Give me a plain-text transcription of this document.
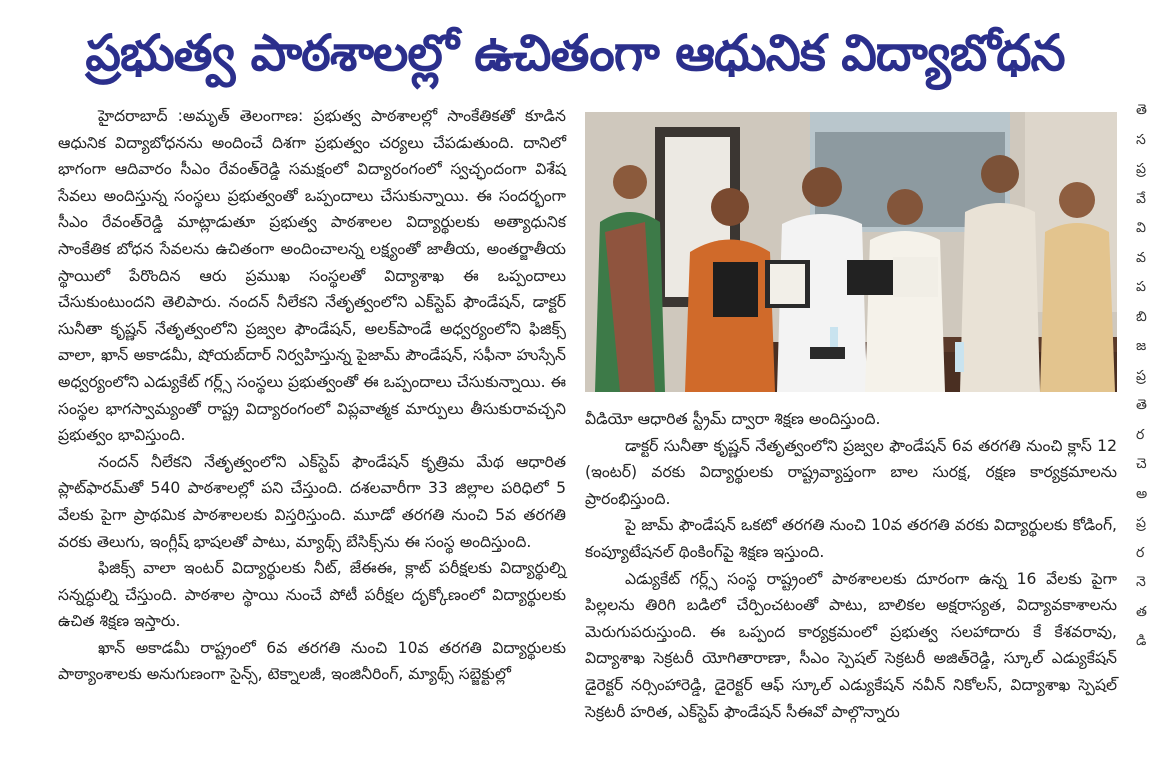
ప్రభుత్వ పాఠశాలల్లో ఉచితంగా ఆధునిక విద్యాబోధన

హైదరాబాద్ :అమృత్ తెలంగాణ: ప్రభుత్వ పాఠశాలల్లో సాంకేతికతో కూడిన ఆధునిక విద్యాబోధనను అందించే దిశగా ప్రభుత్వం చర్యలు చేపడుతుంది. దానిలో భాగంగా ఆదివారం సీఎం రేవంత్‌రెడ్డి సమక్షంలో విద్యారంగంలో స్వచ్ఛందంగా విశేష సేవలు అందిస్తున్న సంస్థలు ప్రభుత్వంతో ఒప్పందాలు చేసుకున్నాయి. ఈ సందర్భంగా సీఎం రేవంత్‌రెడ్డి మాట్లాడుతూ ప్రభుత్వ పాఠశాలల విద్యార్థులకు అత్యాధునిక సాంకేతిక బోధన సేవలను ఉచితంగా అందించాలన్న లక్ష్యంతో జాతీయ, అంతర్జాతీయ స్థాయిలో పేరొందిన ఆరు ప్రముఖ సంస్థలతో విద్యాశాఖ ఈ ఒప్పందాలు చేసుకుంటుందని తెలిపారు. నందన్ నీలేకని నేతృత్వంలోని ఎక్‌స్టెప్ ఫౌండేషన్, డాక్టర్ సునీతా కృష్ణన్ నేతృత్వంలోని ప్రజ్వల ఫౌండేషన్, అలక్‌పాండే అధ్వర్యంలోని ఫిజిక్స్ వాలా, ఖాన్ అకాడమీ, షోయబ్‌దార్ నిర్వహిస్తున్న పైజామ్ పౌండేషన్, సఫీనా హుస్సేన్ అధ్వర్యంలోని ఎడ్యుకేట్ గర్ల్స్ సంస్థలు ప్రభుత్వంతో ఈ ఒప్పందాలు చేసుకున్నాయి. ఈ సంస్థల భాగస్వామ్యంతో రాష్ట్ర విద్యారంగంలో విప్లవాత్మక మార్పులు తీసుకురావచ్చని ప్రభుత్వం భావిస్తుంది.

నందన్ నీలేకని నేతృత్వంలోని ఎక్‌స్టెప్ ఫౌండేషన్ కృత్రిమ మేథ ఆధారిత ప్లాట్‌ఫారమ్‌తో 540 పాఠశాలల్లో పని చేస్తుంది. దశలవారీగా 33 జిల్లాల పరిధిలో 5 వేలకు పైగా ప్రాథమిక పాఠశాలలకు విస్తరిస్తుంది. మూడో తరగతి నుంచి 5వ తరగతి వరకు తెలుగు, ఇంగ్లీష్ భాషలతో పాటు, మ్యాథ్స్ బేసిక్స్‌ను ఈ సంస్థ అందిస్తుంది.

ఫిజిక్స్ వాలా ఇంటర్ విద్యార్థులకు నీట్, జేఈఈ, క్లాట్ పరీక్షలకు విద్యార్థుల్ని సన్నద్ధుల్ని చేస్తుంది. పాఠశాల స్థాయి నుంచే పోటీ పరీక్షల దృక్కోణంలో విద్యార్థులకు ఉచిత శిక్షణ ఇస్తారు.

ఖాన్ అకాడమీ రాష్ట్రంలో 6వ తరగతి నుంచి 10వ తరగతి విద్యార్థులకు పాఠ్యాంశాలకు అనుగుణంగా సైన్స్, టెక్నాలజీ, ఇంజినీరింగ్, మ్యాథ్స్ సబ్జెక్టుల్లో

వీడియో ఆధారిత స్ట్రీమ్ ద్వారా శిక్షణ అందిస్తుంది.

డాక్టర్ సునీతా కృష్ణన్ నేతృత్వంలోని ప్రజ్వల ఫౌండేషన్ 6వ తరగతి నుంచి క్లాస్ 12 (ఇంటర్) వరకు విద్యార్థులకు రాష్ట్రవ్యాప్తంగా బాల సురక్ష, రక్షణ కార్యక్రమాలను ప్రారంభిస్తుంది.

పై జామ్ ఫౌండేషన్ ఒకటో తరగతి నుంచి 10వ తరగతి వరకు విద్యార్థులకు కోడింగ్, కంప్యూటేషనల్ థింకింగ్‌పై శిక్షణ ఇస్తుంది.

ఎడ్యుకేట్ గర్ల్స్ సంస్థ రాష్ట్రంలో పాఠశాలలకు దూరంగా ఉన్న 16 వేలకు పైగా పిల్లలను తిరిగి బడిలో చేర్పించటంతో పాటు, బాలికల అక్షరాస్యత, విద్యావకాశాలను మెరుగుపరుస్తుంది. ఈ ఒప్పంద కార్యక్రమంలో ప్రభుత్వ సలహాదారు కే కేశవరావు, విద్యాశాఖ సెక్రటరీ యోగితారాణా, సీఎం స్పెషల్ సెక్రటరీ అజిత్‌రెడ్డి, స్కూల్ ఎడ్యుకేషన్ డైరెక్టర్ నర్సింహారెడ్డి, డైరెక్టర్ ఆఫ్ స్కూల్ ఎడ్యుకేషన్ నవీన్ నికోలస్, విద్యాశాఖ స్పెషల్ సెక్రటరీ హరిత, ఎక్‌స్టెప్ ఫౌండేషన్ సీఈవో పాల్గొన్నారు

తె
స
ప్ర
వే
వి
వ
ప
బి
జ
ప్ర
తె
ర
చె
అ
ప్ర
ర
నె
త
డి
